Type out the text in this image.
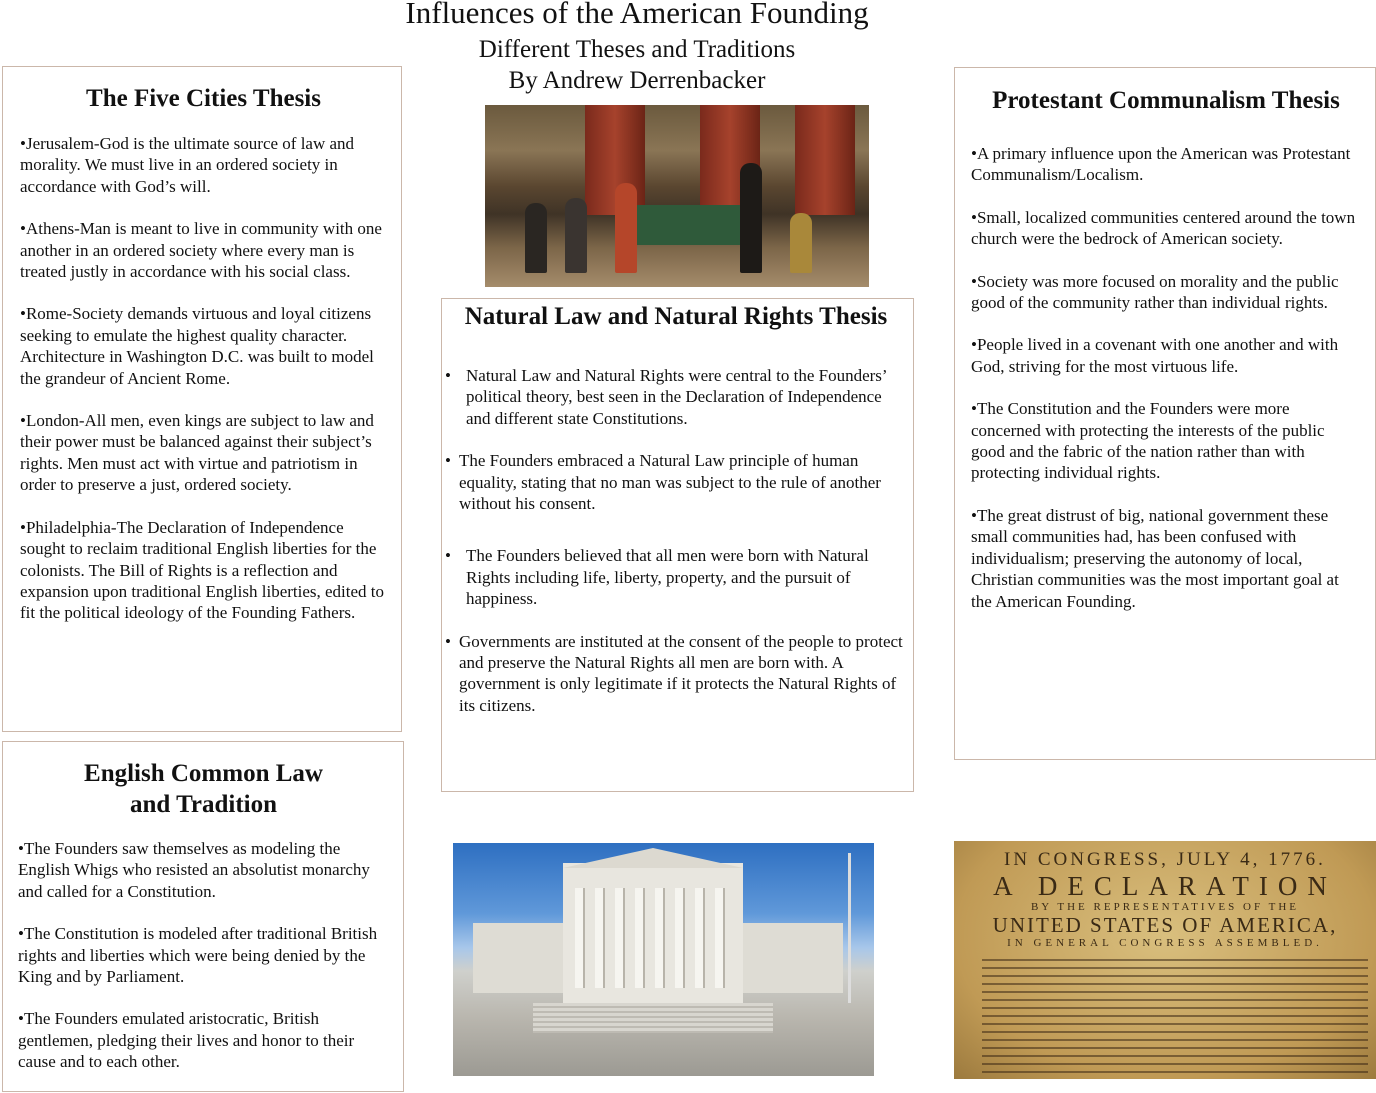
Influences of the American Founding
Different Theses and Traditions
By Andrew Derrenbacker
The Five Cities Thesis

•Jerusalem-God is the ultimate source of law and morality. We must live in an ordered society in accordance with God’s will.

•Athens-Man is meant to live in community with one another in an ordered society where every man is treated justly in accordance with his social class.

•Rome-Society demands virtuous and loyal citizens seeking to emulate the highest quality character.

Architecture in Washington D.C. was built to model the grandeur of Ancient Rome.

•London-All men, even kings are subject to law and their power must be balanced against their subject’s rights. Men must act with virtue and patriotism in order to preserve a just, ordered society.

•Philadelphia-The Declaration of Independence sought to reclaim traditional English liberties for the colonists. The Bill of Rights is a reflection and expansion upon traditional English liberties, edited to fit the political ideology of the Founding Fathers.

English Common Law and Tradition

•The Founders saw themselves as modeling the English Whigs who resisted an absolutist monarchy and called for a Constitution.

•The Constitution is modeled after traditional British rights and liberties which were being denied by the King and by Parliament.

•The Founders emulated aristocratic, British gentlemen, pledging their lives and honor to their cause and to each other.

Natural Law and Natural Rights Thesis
• Natural Law and Natural Rights were central to the Founders’ political theory, best seen in the Declaration of Independence and different state Constitutions.
• The Founders embraced a Natural Law principle of human equality, stating that no man was subject to the rule of another without his consent.
• The Founders believed that all men were born with Natural Rights including life, liberty, property, and the pursuit of happiness.
• Governments are instituted at the consent of the people to protect and preserve the Natural Rights all men are born with. A government is only legitimate if it protects the Natural Rights of its citizens.
Protestant Communalism Thesis

•A primary influence upon the American was Protestant Communalism/Localism.

•Small, localized communities centered around the town church were the bedrock of American society.

•Society was more focused on morality and the public good of the community rather than individual rights.

•People lived in a covenant with one another and with God, striving for the most virtuous life.

•The Constitution and the Founders were more concerned with protecting the interests of the public good and the fabric of the nation rather than with protecting individual rights.

•The great distrust of big, national government these small communities had, has been confused with individualism; preserving the autonomy of local, Christian communities was the most important goal at the American Founding.

IN CONGRESS, JULY 4, 1776.
A DECLARATION
BY THE REPRESENTATIVES OF THE
UNITED STATES OF AMERICA,
IN GENERAL CONGRESS ASSEMBLED.
